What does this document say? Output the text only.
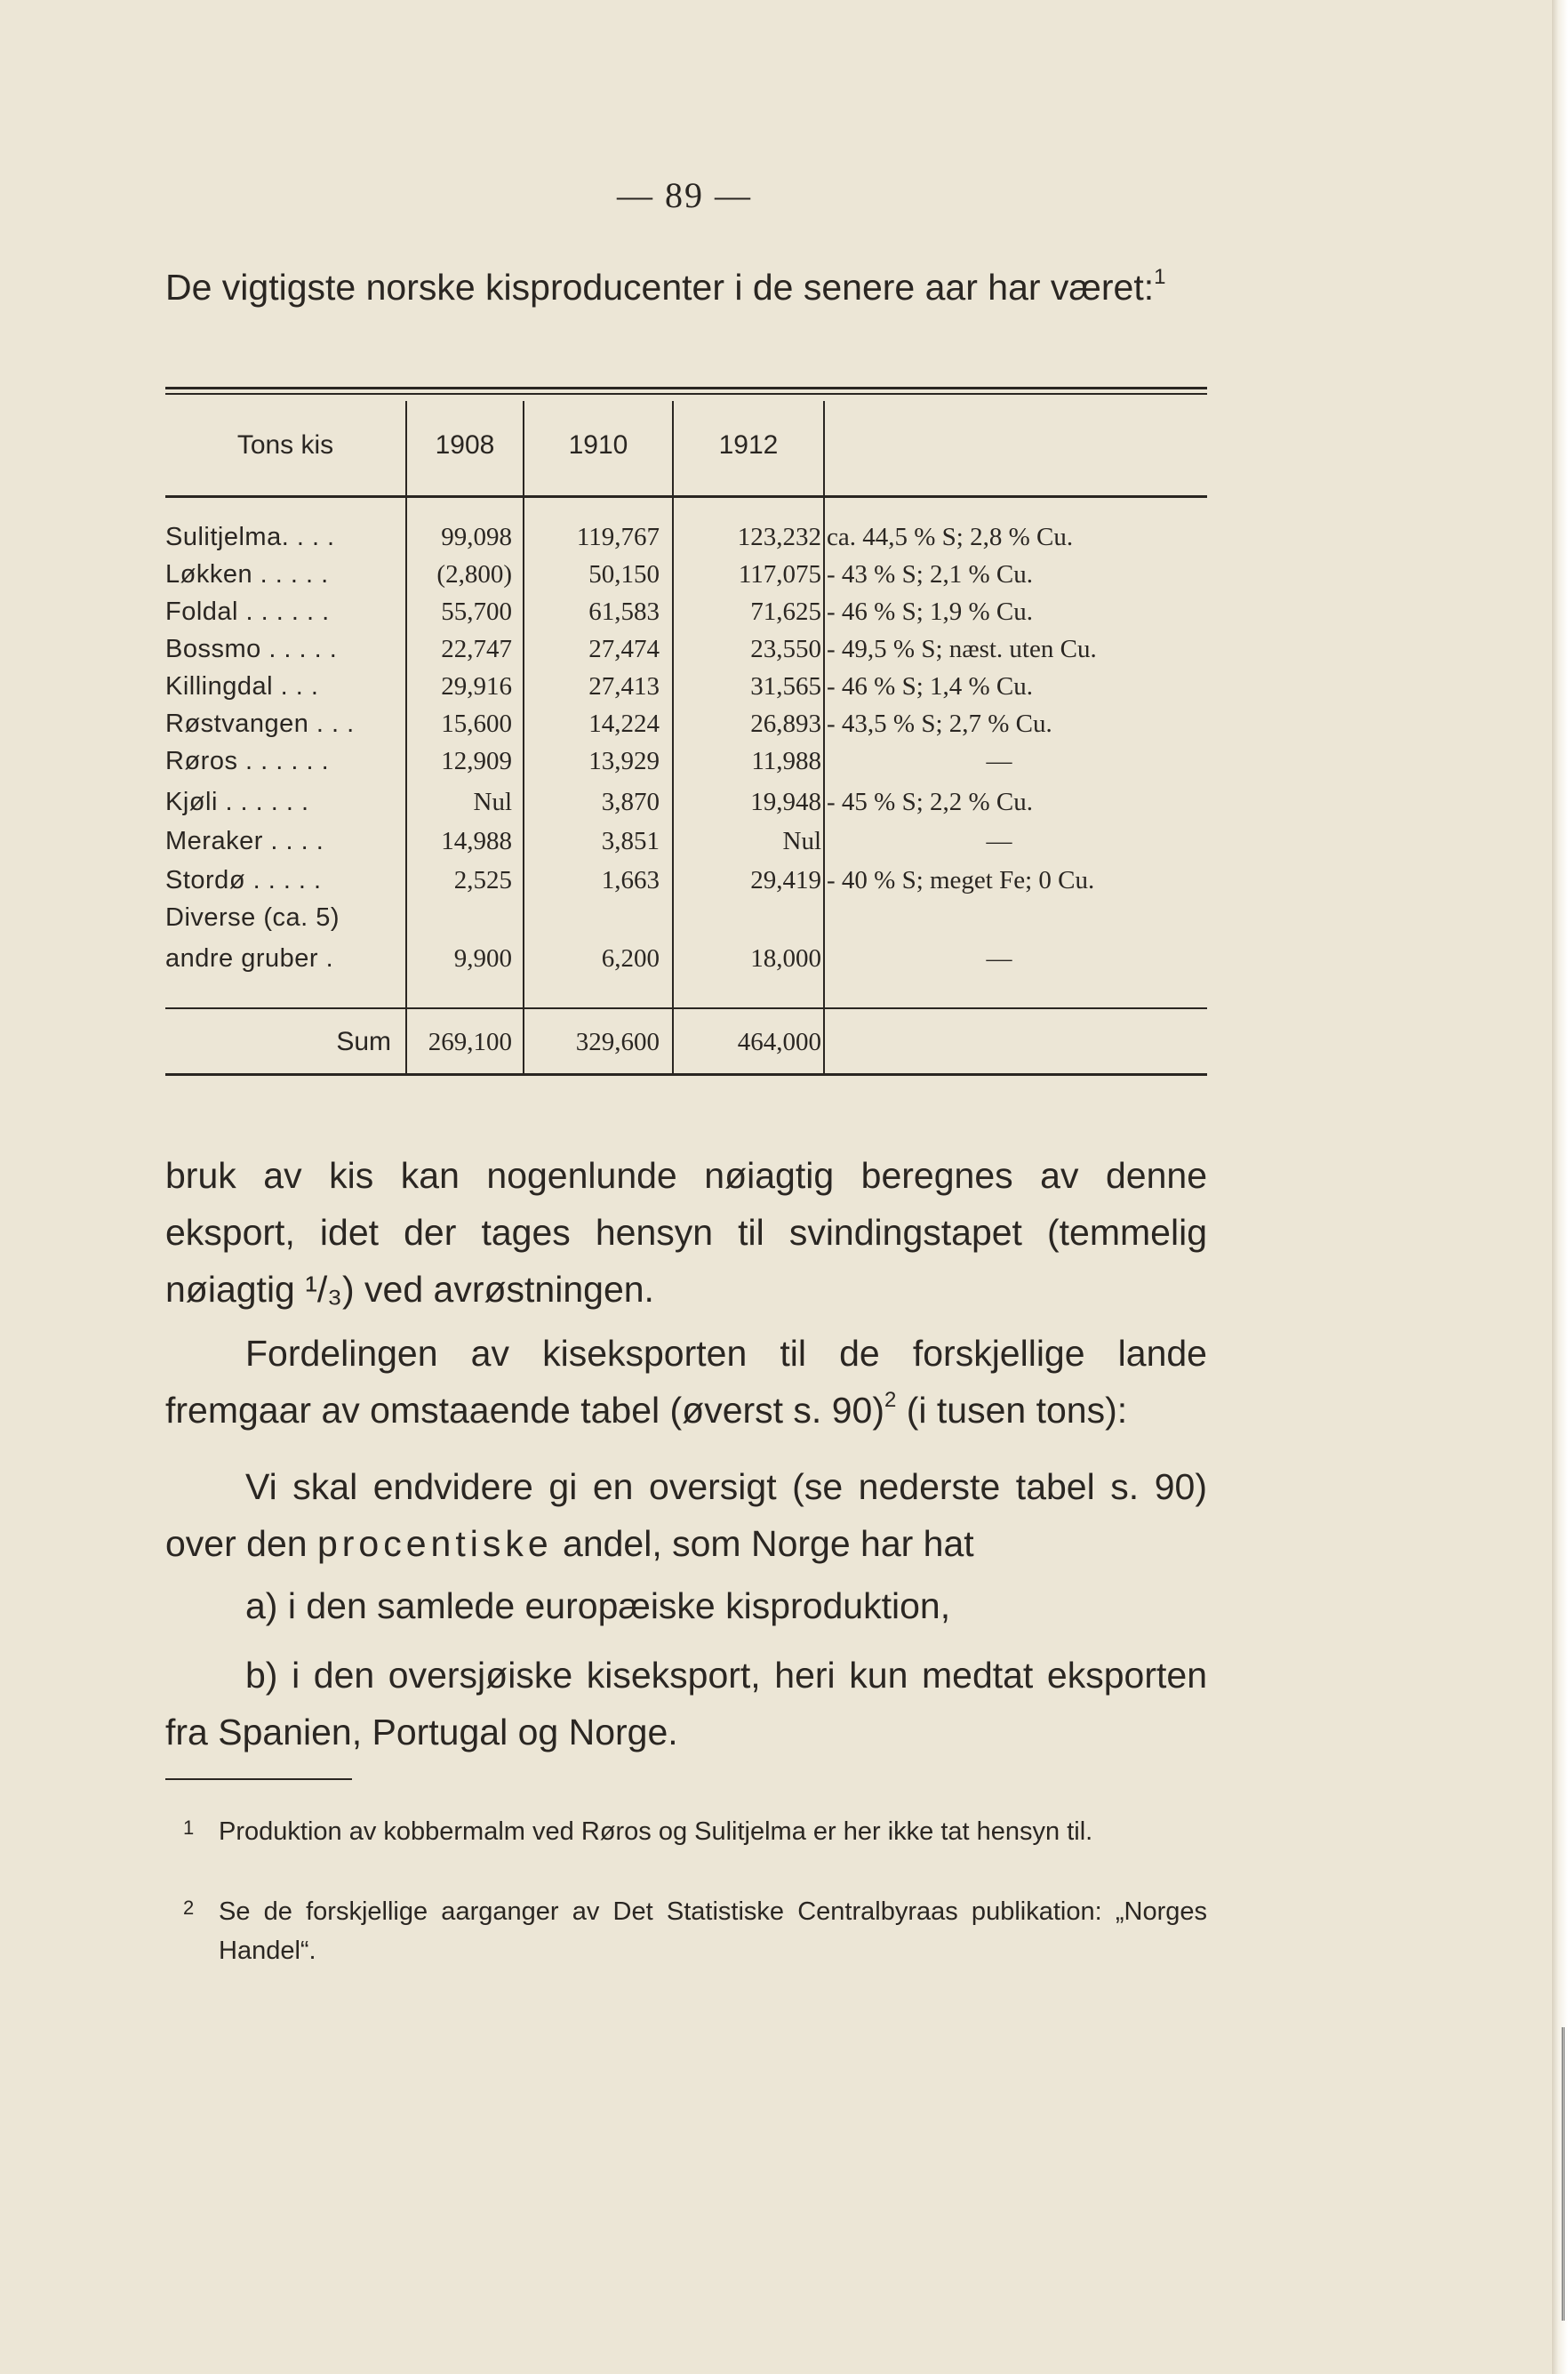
— 89 —
De vigtigste norske kisproducenter i de senere aar har været:$^1$
Tons kis	1908	1910	1912
Sulitjelma. . . .	99,098	119,767	123,232 ca. 44,5 % S; 2,8 % Cu.
Løkken . . . . .	(2,800)	50,150	117,075 - 43 % S; 2,1 % Cu.
Foldal . . . . . .	55,700	61,583	71,625 - 46 % S; 1,9 % Cu.
Bossmo . . . . .	22,747	27,474	23,550 - 49,5 % S; næst. uten Cu.
Killingdal . . .	29,916	27,413	31,565 - 46 % S; 1,4 % Cu.
Røstvangen . . .	15,600	14,224	26,893 - 43,5 % S; 2,7 % Cu.
Røros . . . . . .	12,909	13,929	11,988	—
Kjøli . . . . . .	Nul	3,870	19,948 - 45 % S; 2,2 % Cu.
Meraker . . . .	14,988	3,851	Nul	—
Stordø . . . . .	2,525	1,663	29,419 - 40 % S; meget Fe; 0 Cu.
Diverse (ca. 5)
andre gruber .	9,900	6,200	18,000	—
Sum	269,100	329,600	464,000
bruk av kis kan nogenlunde nøiagtig beregnes av denne eksport, idet der tages hensyn til svindingstapet (temmelig nøiagtig ¹/₃) ved avrøstningen.
Fordelingen av kiseksporten til de forskjellige lande fremgaar av omstaaende tabel (øverst s. 90)$^2$ (i tusen tons):
Vi skal endvidere gi en oversigt (se nederste tabel s. 90) over den procentiske andel, som Norge har hat
a) i den samlede europæiske kisproduktion,
b) i den oversjøiske kiseksport, heri kun medtat eksporten fra Spanien, Portugal og Norge.
1 Produktion av kobbermalm ved Røros og Sulitjelma er her ikke tat hensyn til.
2 Se de forskjellige aarganger av Det Statistiske Centralbyraas publikation: „Norges Handel“.
